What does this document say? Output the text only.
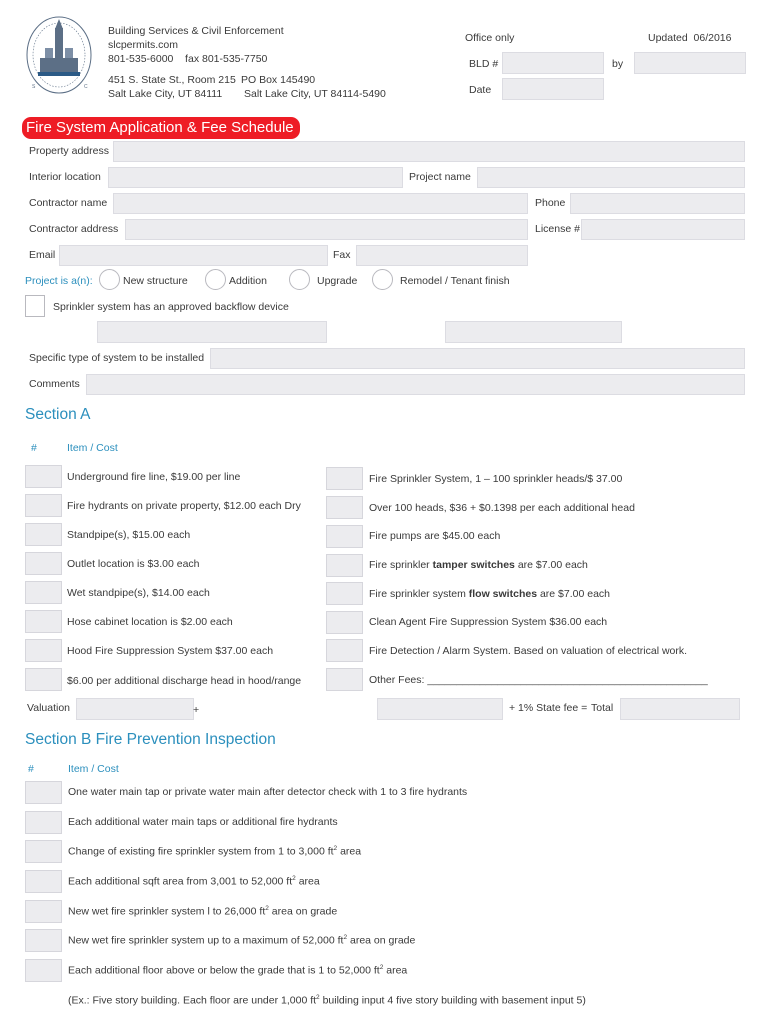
S	C
Building Services & Civil Enforcement
slcpermits.com
801-535-6000    fax 801-535-7750
451 S. State St., Room 215
Salt Lake City, UT 84111
PO Box 145490
Salt Lake City, UT 84114-5490
Office only	Updated  06/2016
BLD #	by
Date
Fire System Application & Fee Schedule
Property address
Interior location	Project name
Contractor name	Phone
Contractor address	License #
Email	Fax
Project is a(n):	New structure	Addition	Upgrade	Remodel / Tenant finish
Sprinkler system has an approved backflow device
Specific type of system to be installed
Comments
Section A
#	Item / Cost
Underground fire line, $19.00 per line
Fire hydrants on private property, $12.00 each Dry
Standpipe(s), $15.00 each
Outlet location is $3.00 each
Wet standpipe(s), $14.00 each
Hose cabinet location is $2.00 each
Hood Fire Suppression System $37.00 each
$6.00 per additional discharge head in hood/range
Fire Sprinkler System, 1 – 100 sprinkler heads/$ 37.00
Over 100 heads, $36 + $0.1398 per each additional head
Fire pumps are $45.00 each
Fire sprinkler tamper switches are $7.00 each
Fire sprinkler system flow switches are $7.00 each
Clean Agent Fire Suppression System $36.00 each
Fire Detection / Alarm System. Based on valuation of electrical work.
Other Fees: ________________________________________________
Valuation	+	+ 1% State fee = Total
Section B Fire Prevention Inspection
#	Item / Cost
One water main tap or private water main after detector check with 1 to 3 fire hydrants
Each additional water main taps or additional fire hydrants
Change of existing fire sprinkler system from 1 to 3,000 $ft^2$ area
Each additional sqft area from 3,001 to 52,000 $ft^2$ area
New wet fire sprinkler system l to 26,000 $ft^2$ area on grade
New wet fire sprinkler system up to a maximum of 52,000 $ft^2$ area on grade
Each additional floor above or below the grade that is 1 to 52,000 $ft^2$ area
(Ex.: Five story building. Each floor are under 1,000 $ft^2$ building input 4 five story building with basement input 5)
